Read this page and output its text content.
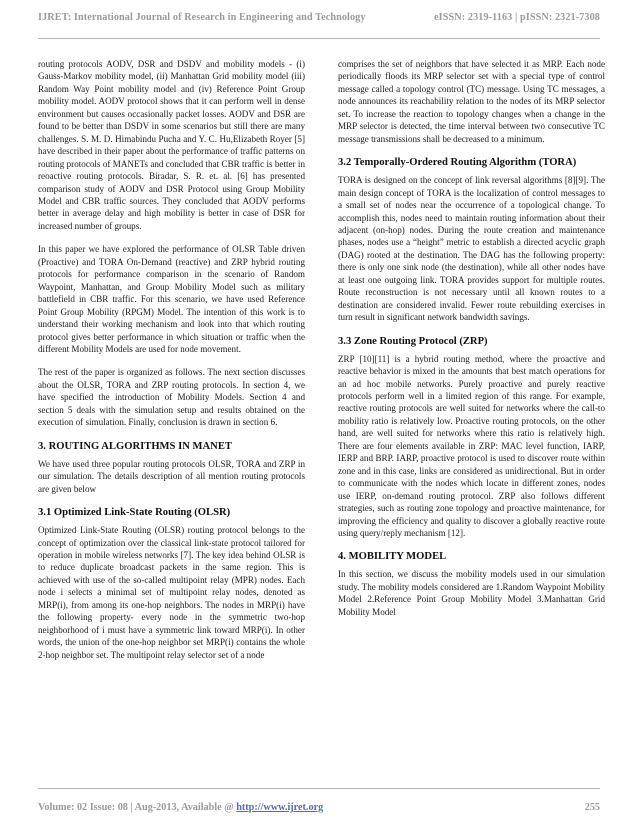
IJRET: International Journal of Research in Engineering and Technology	eISSN: 2319-1163 | pISSN: 2321-7308

routing protocols AODV, DSR and DSDV and mobility models - (i) Gauss-Markov mobility model, (ii) Manhattan Grid mobility model (iii) Random Way Point mobility model and (iv) Reference Point Group mobility model. AODV protocol shows that it can perform well in dense environment but causes occasionally packet losses. AODV and DSR are found to be better than DSDV in some scenarios but still there are many challenges. S. M. D. Himabindu Pucha and Y. C. Hu,Elizabeth Royer [5] have described in their paper about the performance of traffic patterns on routing protocols of MANETs and concluded that CBR traffic is better in reoactive routing protocols. Biradar, S. R. et. al. [6] has presented comparison study of AODV and DSR Protocol using Group Mobility Model and CBR traffic sources. They concluded that AODV performs better in average delay and high mobility is better in case of DSR for increased number of groups.

In this paper we have explored the performance of OLSR Table driven (Proactive) and TORA On-Demand (reactive) and ZRP hybrid routing protocols for performance comparison in the scenario of Random Waypoint, Manhattan, and Group Mobility Model such as military battlefield in CBR traffic. For this scenario, we have used Reference Point Group Mobility (RPGM) Model. The intention of this work is to understand their working mechanism and look into that which routing protocol gives better performance in which situation or traffic when the different Mobility Models are used for node movement.

The rest of the paper is organized as follows. The next section discusses about the OLSR, TORA and ZRP routing protocols. In section 4, we have specified the introduction of Mobility Models. Section 4 and section 5 deals with the simulation setup and results obtained on the execution of simulation. Finally, conclusion is drawn in section 6.

3. ROUTING ALGORITHMS IN MANET

We have used three popular routing protocols OLSR, TORA and ZRP in our simulation. The details description of all mention routing protocols are given below

3.1 Optimized Link-State Routing (OLSR)

Optimized Link-State Routing (OLSR) routing protocol belongs to the concept of optimization over the classical link-state protocol tailored for operation in mobile wireless networks [7]. The key idea behind OLSR is to reduce duplicate broadcast packets in the same region. This is achieved with use of the so-called multipoint relay (MPR) nodes. Each node i selects a minimal set of multipoint relay nodes, denoted as MRP(i), from among its one-hop neighbors. The nodes in MRP(i) have the following property- every node in the symmetric two-hop neighborhood of i must have a symmetric link toward MRP(i). In other words, the union of the one-hop neighbor set MRP(i) contains the whole 2-hop neighbor set. The multipoint relay selector set of a node

comprises the set of neighbors that have selected it as MRP. Each node periodically floods its MRP selector set with a special type of control message called a topology control (TC) message. Using TC messages, a node announces its reachability relation to the nodes of its MRP selector set. To increase the reaction to topology changes when a change in the MRP selector is detected, the time interval between two consecutive TC message transmissions shall be decreased to a minimum.

3.2 Temporally-Ordered Routing Algorithm (TORA)

TORA is designed on the concept of link reversal algorithms [8][9]. The main design concept of TORA is the localization of control messages to a small set of nodes near the occurrence of a topological change. To accomplish this, nodes need to maintain routing information about their adjacent (on-hop) nodes. During the route creation and maintenance phases, nodes use a “height” metric to establish a directed acyclic graph (DAG) rooted at the destination. The DAG has the following property: there is only one sink node (the destination), while all other nodes have at least one outgoing link. TORA provides support for multiple routes. Route reconstruction is not necessary until all known routes to a destination are considered invalid. Fewer route rebuilding exercises in turn result in significant network bandwidth savings.

3.3 Zone Routing Protocol (ZRP)

ZRP [10][11] is a hybrid routing method, where the proactive and reactive behavior is mixed in the amounts that best match operations for an ad hoc mobile networks. Purely proactive and purely reactive protocols perform well in a limited region of this range. For example, reactive routing protocols are well suited for networks where the call-to mobility ratio is relatively low. Proactive routing protocols, on the other hand, are well suited for networks where this ratio is relatively high. There are four elements available in ZRP: MAC level function, IARP, IERP and BRP. IARP, proactive protocol is used to discover route within zone and in this case, links are considered as unidirectional. But in order to communicate with the nodes which locate in different zones, nodes use IERP, on-demand routing protocol. ZRP also follows different strategies, such as routing zone topology and proactive maintenance, for improving the efficiency and quality to discover a globally reactive route using query/reply mechanism [12].

4. MOBILITY MODEL

In this section, we discuss the mobility models used in our simulation study. The mobility models considered are 1.Random Waypoint Mobility Model 2.Reference Point Group Mobility Model 3.Manhattan Grid Mobility Model

Volume: 02 Issue: 08 | Aug-2013, Available @ http://www.ijret.org	255
